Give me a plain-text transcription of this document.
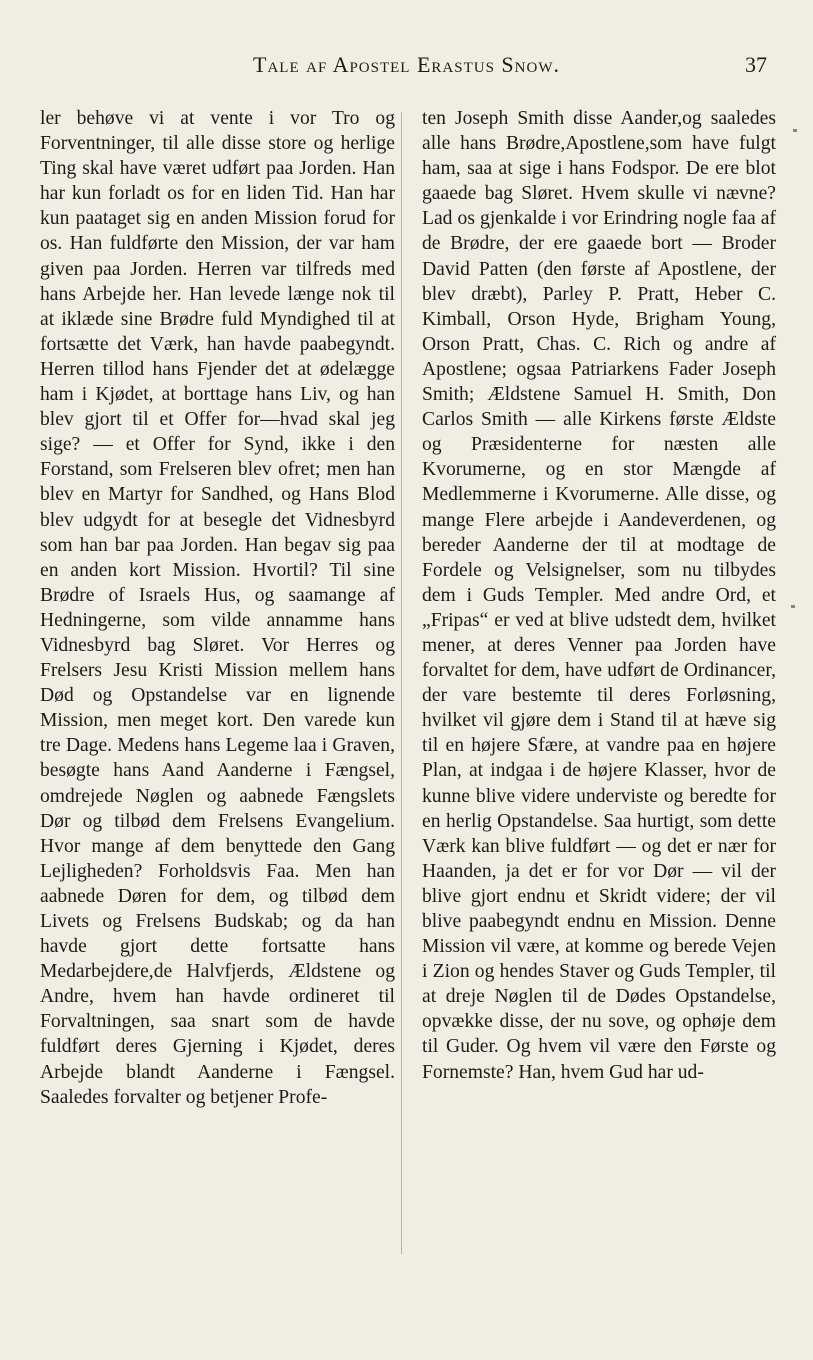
Tale af Apostel Erastus Snow.	37
ler behøve vi at vente i vor Tro og Forventninger, til alle disse store og herlige Ting skal have været udført paa Jorden. Han har kun forladt os for en liden Tid. Han har kun paataget sig en anden Mission forud for os. Han fuldførte den Mission, der var ham given paa Jorden. Herren var tilfreds med hans Arbejde her. Han levede længe nok til at iklæde sine Brødre fuld Myndighed til at fortsætte det Værk, han havde paabegyndt. Herren tillod hans Fjender det at ødelægge ham i Kjødet, at borttage hans Liv, og han blev gjort til et Offer for—hvad skal jeg sige? — et Offer for Synd, ikke i den Forstand, som Frelseren blev ofret; men han blev en Martyr for Sandhed, og Hans Blod blev udgydt for at besegle det Vidnesbyrd som han bar paa Jorden. Han begav sig paa en anden kort Mission. Hvortil? Til sine Brødre of Israels Hus, og saamange af Hedningerne, som vilde annamme hans Vidnesbyrd bag Sløret. Vor Herres og Frelsers Jesu Kristi Mission mellem hans Død og Opstandelse var en lignende Mission, men meget kort. Den varede kun tre Dage. Medens hans Legeme laa i Graven, besøgte hans Aand Aanderne i Fængsel, omdrejede Nøglen og aabnede Fængslets Dør og tilbød dem Frelsens Evangelium. Hvor mange af dem benyttede den Gang Lejligheden? Forholdsvis Faa. Men han aabnede Døren for dem, og tilbød dem Livets og Frelsens Budskab; og da han havde gjort dette fortsatte hans Medarbejdere,de Halvfjerds, Ældstene og Andre, hvem han havde ordineret til Forvaltningen, saa snart som de havde fuldført deres Gjerning i Kjødet, deres Arbejde blandt Aanderne i Fængsel. Saaledes forvalter og betjener Profe-
ten Joseph Smith disse Aander,og saaledes alle hans Brødre,Apostlene,som have fulgt ham, saa at sige i hans Fodspor. De ere blot gaaede bag Sløret. Hvem skulle vi nævne? Lad os gjenkalde i vor Erindring nogle faa af de Brødre, der ere gaaede bort — Broder David Patten (den første af Apostlene, der blev dræbt), Parley P. Pratt, Heber C. Kimball, Orson Hyde, Brigham Young, Orson Pratt, Chas. C. Rich og andre af Apostlene; ogsaa Patriarkens Fader Joseph Smith; Ældstene Samuel H. Smith, Don Carlos Smith — alle Kirkens første Ældste og Præsidenterne for næsten alle Kvorumerne, og en stor Mængde af Medlemmerne i Kvorumerne. Alle disse, og mange Flere arbejde i Aandeverdenen, og bereder Aanderne der til at modtage de Fordele og Velsignelser, som nu tilbydes dem i Guds Templer. Med andre Ord, et „Fripas“ er ved at blive udstedt dem, hvilket mener, at deres Venner paa Jorden have forvaltet for dem, have udført de Ordinancer, der vare bestemte til deres Forløsning, hvilket vil gjøre dem i Stand til at hæve sig til en højere Sfære, at vandre paa en højere Plan, at indgaa i de højere Klasser, hvor de kunne blive videre underviste og beredte for en herlig Opstandelse. Saa hurtigt, som dette Værk kan blive fuldført — og det er nær for Haanden, ja det er for vor Dør — vil der blive gjort endnu et Skridt videre; der vil blive paabegyndt endnu en Mission. Denne Mission vil være, at komme og berede Vejen i Zion og hendes Staver og Guds Templer, til at dreje Nøglen til de Dødes Opstandelse, opvække disse, der nu sove, og ophøje dem til Guder. Og hvem vil være den Første og Fornemste? Han, hvem Gud har ud-
